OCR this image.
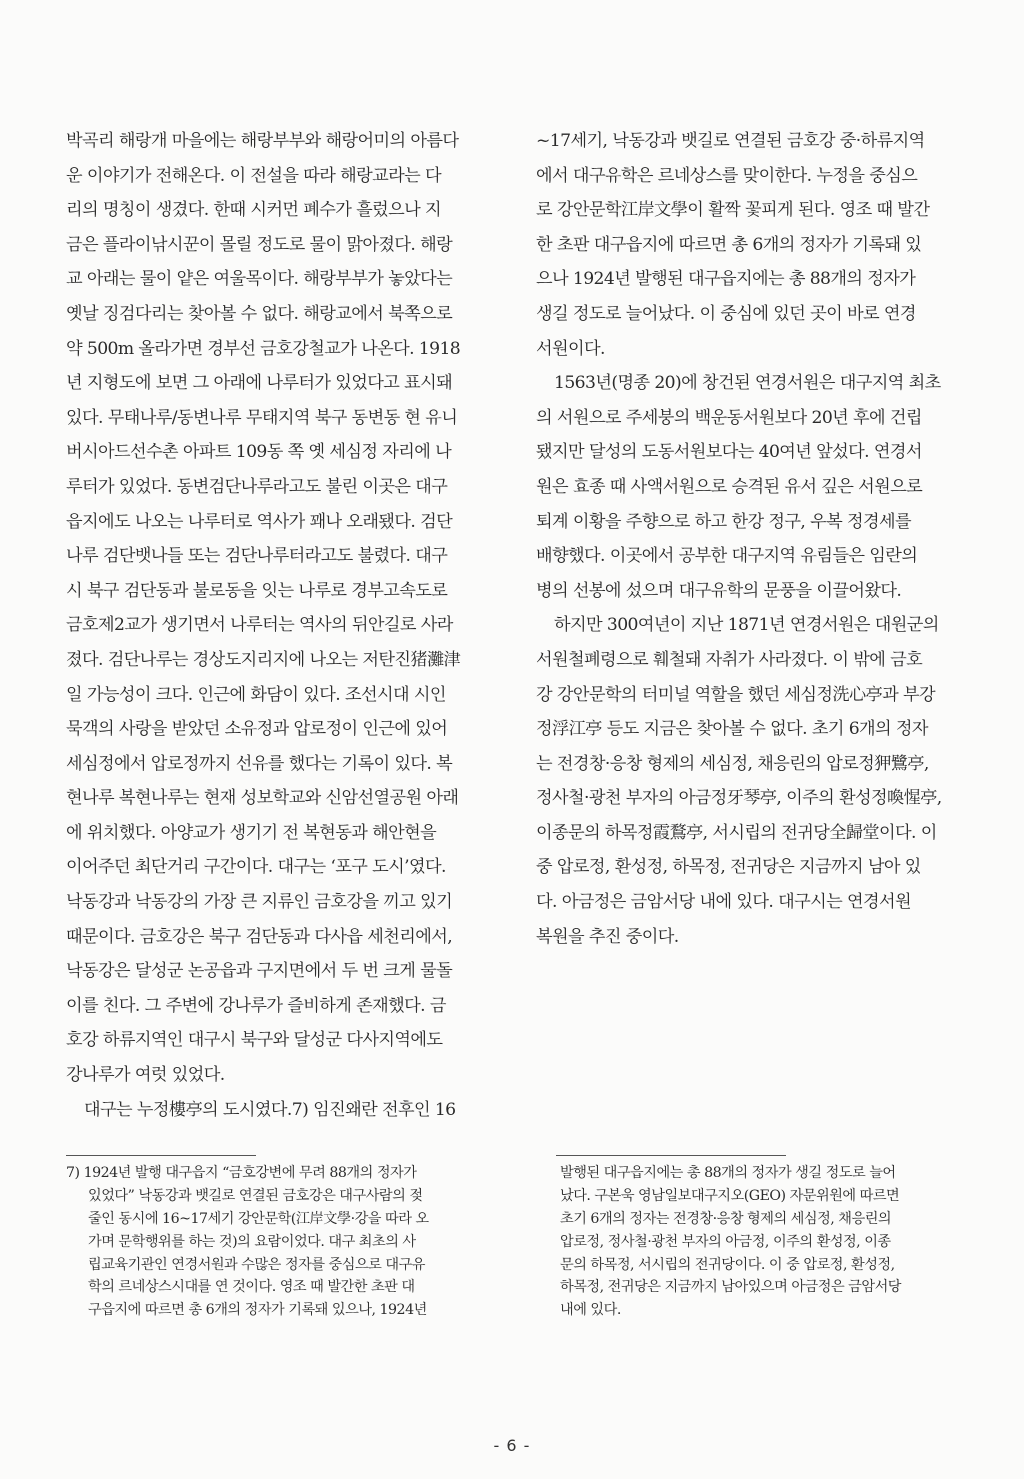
박곡리 해랑개 마을에는 해랑부부와 해랑어미의 아름다
운 이야기가 전해온다. 이 전설을 따라 해랑교라는 다
리의 명칭이 생겼다. 한때 시커먼 폐수가 흘렀으나 지
금은 플라이낚시꾼이 몰릴 정도로 물이 맑아졌다. 해랑
교 아래는 물이 얕은 여울목이다. 해랑부부가 놓았다는
옛날 징검다리는 찾아볼 수 없다. 해랑교에서 북쪽으로
약 500m 올라가면 경부선 금호강철교가 나온다. 1918
년 지형도에 보면 그 아래에 나루터가 있었다고 표시돼
있다. 무태나루/동변나루 무태지역 북구 동변동 현 유니
버시아드선수촌 아파트 109동 쪽 옛 세심정 자리에 나
루터가 있었다. 동변검단나루라고도 불린 이곳은 대구
읍지에도 나오는 나루터로 역사가 꽤나 오래됐다. 검단
나루 검단뱃나들 또는 검단나루터라고도 불렸다. 대구
시 북구 검단동과 불로동을 잇는 나루로 경부고속도로
금호제2교가 생기면서 나루터는 역사의 뒤안길로 사라
졌다. 검단나루는 경상도지리지에 나오는 저탄진猪灘津
일 가능성이 크다. 인근에 화담이 있다. 조선시대 시인
묵객의 사랑을 받았던 소유정과 압로정이 인근에 있어
세심정에서 압로정까지 선유를 했다는 기록이 있다. 복
현나루 복현나루는 현재 성보학교와 신암선열공원 아래
에 위치했다. 아양교가 생기기 전 복현동과 해안현을
이어주던 최단거리 구간이다. 대구는 ‘포구 도시’였다.
낙동강과 낙동강의 가장 큰 지류인 금호강을 끼고 있기
때문이다. 금호강은 북구 검단동과 다사읍 세천리에서,
낙동강은 달성군 논공읍과 구지면에서 두 번 크게 물돌
이를 친다. 그 주변에 강나루가 즐비하게 존재했다. 금
호강 하류지역인 대구시 북구와 달성군 다사지역에도
강나루가 여럿 있었다.
대구는 누정樓亭의 도시였다.7) 임진왜란 전후인 16
~17세기, 낙동강과 뱃길로 연결된 금호강 중·하류지역
에서 대구유학은 르네상스를 맞이한다. 누정을 중심으
로 강안문학江岸文學이 활짝 꽃피게 된다. 영조 때 발간
한 초판 대구읍지에 따르면 총 6개의 정자가 기록돼 있
으나 1924년 발행된 대구읍지에는 총 88개의 정자가
생길 정도로 늘어났다. 이 중심에 있던 곳이 바로 연경
서원이다.
1563년(명종 20)에 창건된 연경서원은 대구지역 최초
의 서원으로 주세붕의 백운동서원보다 20년 후에 건립
됐지만 달성의 도동서원보다는 40여년 앞섰다. 연경서
원은 효종 때 사액서원으로 승격된 유서 깊은 서원으로
퇴계 이황을 주향으로 하고 한강 정구, 우복 정경세를
배향했다. 이곳에서 공부한 대구지역 유림들은 임란의
병의 선봉에 섰으며 대구유학의 문풍을 이끌어왔다.
하지만 300여년이 지난 1871년 연경서원은 대원군의
서원철폐령으로 훼철돼 자취가 사라졌다. 이 밖에 금호
강 강안문학의 터미널 역할을 했던 세심정洗心亭과 부강
정浮江亭 등도 지금은 찾아볼 수 없다. 초기 6개의 정자
는 전경창·응창 형제의 세심정, 채응린의 압로정狎鷺亭,
정사철·광천 부자의 아금정牙琴亭, 이주의 환성정喚惺亭,
이종문의 하목정霞鶩亭, 서시립의 전귀당全歸堂이다. 이
중 압로정, 환성정, 하목정, 전귀당은 지금까지 남아 있
다. 아금정은 금암서당 내에 있다. 대구시는 연경서원
복원을 추진 중이다.
7) 1924년 발행 대구읍지 “금호강변에 무려 88개의 정자가
있었다” 낙동강과 뱃길로 연결된 금호강은 대구사람의 젖
줄인 동시에 16~17세기 강안문학(江岸文學·강을 따라 오
가며 문학행위를 하는 것)의 요람이었다. 대구 최초의 사
립교육기관인 연경서원과 수많은 정자를 중심으로 대구유
학의 르네상스시대를 연 것이다. 영조 때 발간한 초판 대
구읍지에 따르면 총 6개의 정자가 기록돼 있으나, 1924년
발행된 대구읍지에는 총 88개의 정자가 생길 정도로 늘어
났다. 구본욱 영남일보대구지오(GEO) 자문위원에 따르면
초기 6개의 정자는 전경창·응창 형제의 세심정, 채응린의
압로정, 정사철·광천 부자의 아금정, 이주의 환성정, 이종
문의 하목정, 서시립의 전귀당이다. 이 중 압로정, 환성정,
하목정, 전귀당은 지금까지 남아있으며 아금정은 금암서당
내에 있다.
- 6 -
